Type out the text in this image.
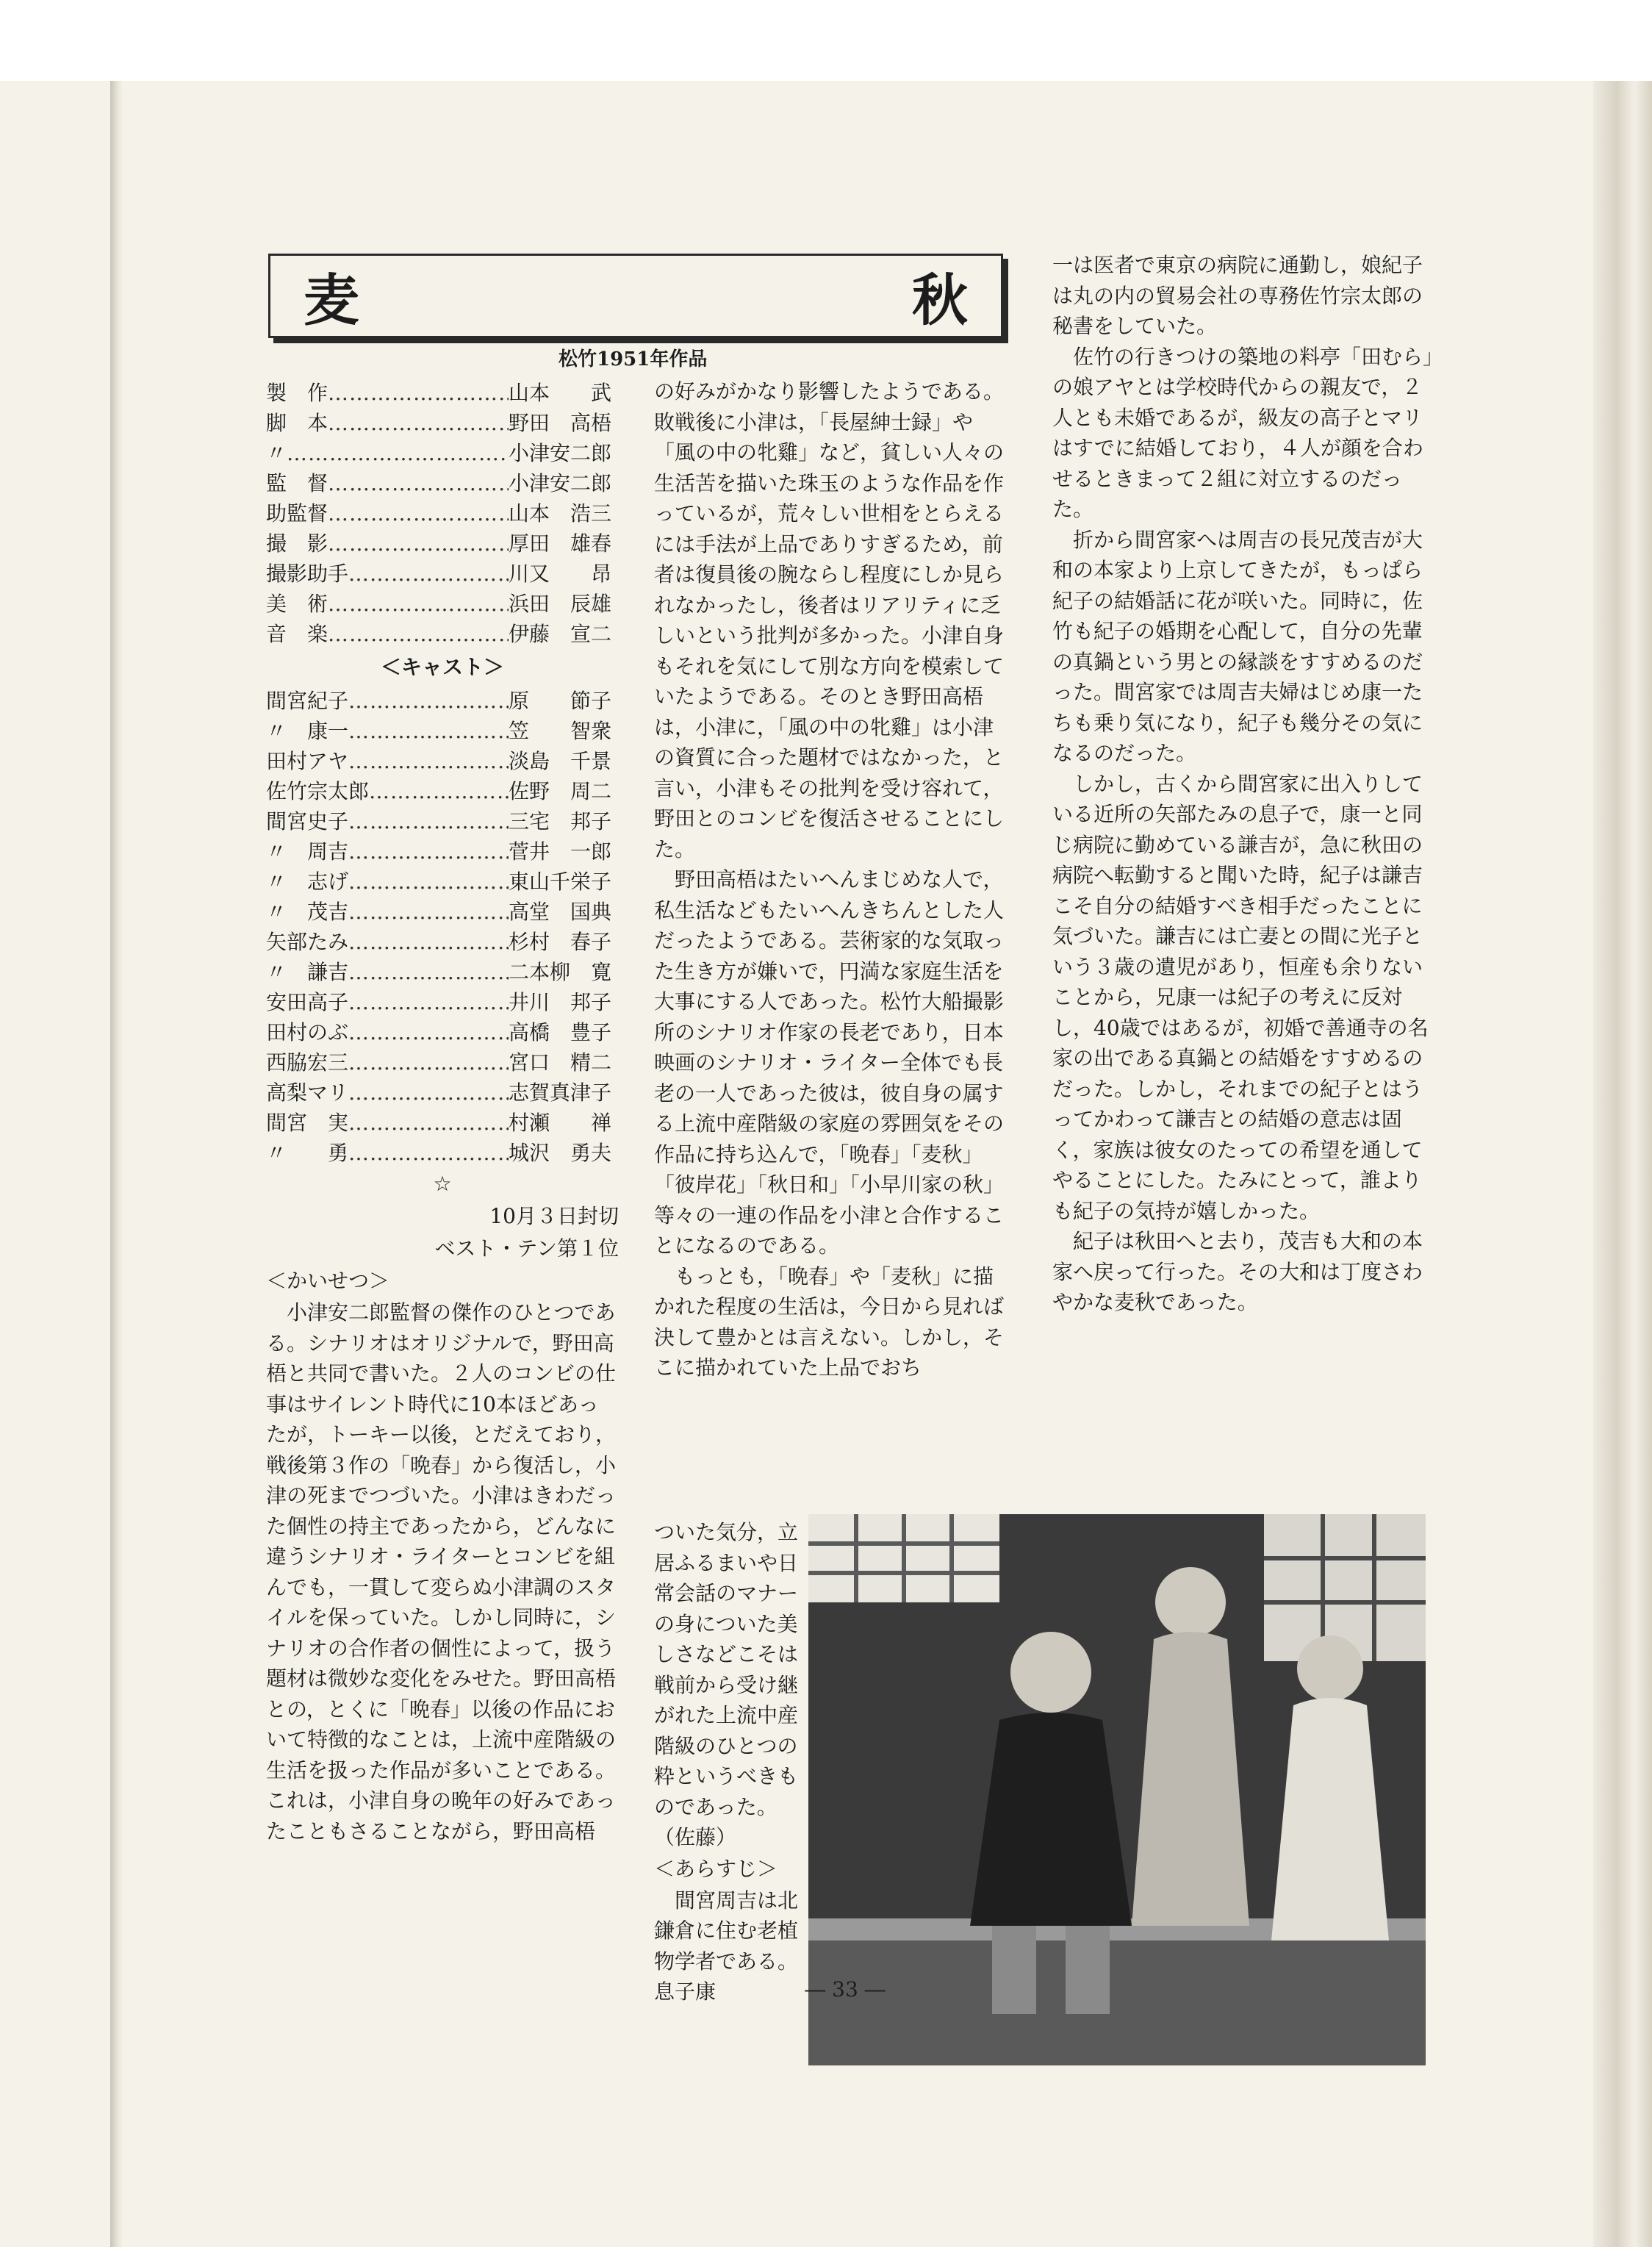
麦	秋
松竹1951年作品
製　作 ……………………………………………………………………	山本　　武
脚　本 ……………………………………………………………………	野田　高梧
〃 ……………………………………………………………………	小津安二郎
監　督 ……………………………………………………………………	小津安二郎
助監督 ……………………………………………………………………	山本　浩三
撮　影 ……………………………………………………………………	厚田　雄春
撮影助手 ……………………………………………………………………	川又　　昂
美　術 ……………………………………………………………………	浜田　辰雄
音　楽 ……………………………………………………………………	伊藤　宣二
＜キャスト＞
間宮紀子 ……………………………………………………………………	原　　節子
〃　康一 ……………………………………………………………………	笠　　智衆
田村アヤ ……………………………………………………………………	淡島　千景
佐竹宗太郎 ……………………………………………………………………	佐野　周二
間宮史子 ……………………………………………………………………	三宅　邦子
〃　周吉 ……………………………………………………………………	菅井　一郎
〃　志げ ……………………………………………………………………	東山千栄子
〃　茂吉 ……………………………………………………………………	高堂　国典
矢部たみ ……………………………………………………………………	杉村　春子
〃　謙吉 ……………………………………………………………………	二本柳　寛
安田高子 ……………………………………………………………………	井川　邦子
田村のぶ ……………………………………………………………………	高橋　豊子
西脇宏三 ……………………………………………………………………	宮口　精二
高梨マリ ……………………………………………………………………	志賀真津子
間宮　実 ……………………………………………………………………	村瀬　　禅
〃　　勇 ……………………………………………………………………	城沢　勇夫
☆
10月３日封切
ベスト・テン第１位
＜かいせつ＞

小津安二郎監督の傑作のひとつである。シナリオはオリジナルで，野田高梧と共同で書いた。２人のコンビの仕事はサイレント時代に10本ほどあったが，トーキー以後，とだえており，戦後第３作の「晩春」から復活し，小津の死までつづいた。小津はきわだった個性の持主であったから，どんなに違うシナリオ・ライターとコンビを組んでも，一貫して変らぬ小津調のスタイルを保っていた。しかし同時に，シナリオの合作者の個性によって，扱う題材は微妙な変化をみせた。野田高梧との，とくに「晩春」以後の作品において特徴的なことは，上流中産階級の生活を扱った作品が多いことである。これは，小津自身の晩年の好みであったこともさることながら，野田高梧

の好みがかなり影響したようである。敗戦後に小津は，「長屋紳士録」や「風の中の牝雞」など，貧しい人々の生活苦を描いた珠玉のような作品を作っているが，荒々しい世相をとらえるには手法が上品でありすぎるため，前者は復員後の腕ならし程度にしか見られなかったし，後者はリアリティに乏しいという批判が多かった。小津自身もそれを気にして別な方向を模索していたようである。そのとき野田高梧は，小津に，「風の中の牝雞」は小津の資質に合った題材ではなかった，と言い，小津もその批判を受け容れて，野田とのコンビを復活させることにした。

野田高梧はたいへんまじめな人で，私生活などもたいへんきちんとした人だったようである。芸術家的な気取った生き方が嫌いで，円満な家庭生活を大事にする人であった。松竹大船撮影所のシナリオ作家の長老であり，日本映画のシナリオ・ライター全体でも長老の一人であった彼は，彼自身の属する上流中産階級の家庭の雰囲気をその作品に持ち込んで，「晩春」「麦秋」「彼岸花」「秋日和」「小早川家の秋」等々の一連の作品を小津と合作することになるのである。

もっとも，「晩春」や「麦秋」に描かれた程度の生活は，今日から見れば決して豊かとは言えない。しかし，そこに描かれていた上品でおち

ついた気分，立居ふるまいや日常会話のマナーの身についた美しさなどこそは戦前から受け継がれた上流中産階級のひとつの粋というべきものであった。（佐藤）

＜あらすじ＞

間宮周吉は北鎌倉に住む老植物学者である。息子康

一は医者で東京の病院に通勤し，娘紀子は丸の内の貿易会社の専務佐竹宗太郎の秘書をしていた。

佐竹の行きつけの築地の料亭「田むら」の娘アヤとは学校時代からの親友で，２人とも未婚であるが，級友の高子とマリはすでに結婚しており，４人が顔を合わせるときまって２組に対立するのだった。

折から間宮家へは周吉の長兄茂吉が大和の本家より上京してきたが，もっぱら紀子の結婚話に花が咲いた。同時に，佐竹も紀子の婚期を心配して，自分の先輩の真鍋という男との縁談をすすめるのだった。間宮家では周吉夫婦はじめ康一たちも乗り気になり，紀子も幾分その気になるのだった。

しかし，古くから間宮家に出入りしている近所の矢部たみの息子で，康一と同じ病院に勤めている謙吉が，急に秋田の病院へ転勤すると聞いた時，紀子は謙吉こそ自分の結婚すべき相手だったことに気づいた。謙吉には亡妻との間に光子という３歳の遺児があり，恒産も余りないことから，兄康一は紀子の考えに反対し，40歳ではあるが，初婚で善通寺の名家の出である真鍋との結婚をすすめるのだった。しかし，それまでの紀子とはうってかわって謙吉との結婚の意志は固く，家族は彼女のたっての希望を通してやることにした。たみにとって，誰よりも紀子の気持が嬉しかった。

紀子は秋田へと去り，茂吉も大和の本家へ戻って行った。その大和は丁度さわやかな麦秋であった。

― 33 ―
